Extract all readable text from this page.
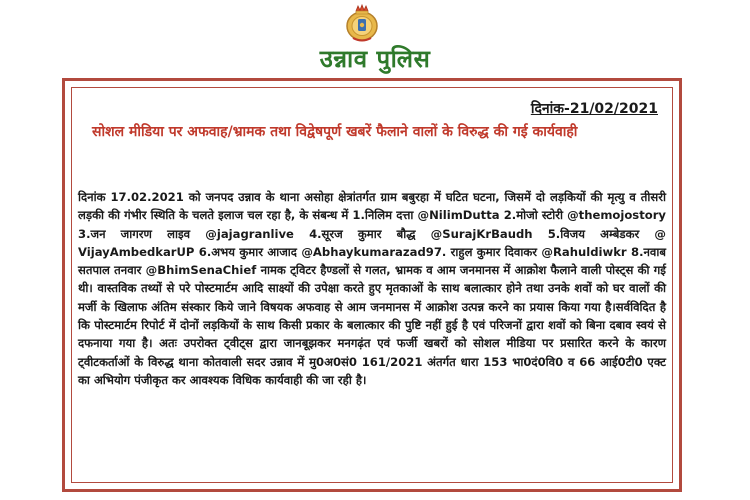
उन्नाव पुलिस
दिनांक-21/02/2021
सोशल मीडिया पर अफवाह/भ्रामक तथा विद्वेषपूर्ण खबरें फैलाने वालों के विरुद्ध की गई कार्यवाही
दिनांक 17.02.2021 को जनपद उन्नाव के थाना असोहा क्षेत्रांतर्गत ग्राम बबुरहा में घटित घटना, जिसमें दो लड़कियों की मृत्यु व तीसरी लड़की की गंभीर स्थिति के चलते इलाज चल रहा है, के संबन्ध में 1.निलिम दत्ता @NilimDutta 2.मोजो स्टोरी @themojostory 3.जन जागरण लाइव @jajagranlive 4.सूरज कुमार बौद्ध @SurajKrBaudh 5.विजय अम्बेडकर @ VijayAmbedkarUP 6.अभय कुमार आजाद @Abhaykumarazad97. राहुल कुमार दिवाकर @Rahuldiwkr 8.नवाब सतपाल तनवार @BhimSenaChief नामक ट्विटर हैण्डलों से गलत, भ्रामक व आम जनमानस में आक्रोश फैलाने वाली पोस्ट्स की गई थी। वास्तविक तथ्यों से परे पोस्टमार्टम आदि साक्ष्यों की उपेक्षा करते हुए मृतकाओं के साथ बलात्कार होने तथा उनके शवों को घर वालों की मर्जी के खिलाफ अंतिम संस्कार किये जाने विषयक अफवाह से आम जनमानस में आक्रोश उत्पन्न करने का प्रयास किया गया है।सर्वविदित है कि पोस्टमार्टम रिपोर्ट में दोनों लड़कियों के साथ किसी प्रकार के बलात्कार की पुष्टि नहीं हुई है एवं परिजनों द्वारा शवों को बिना दबाव स्वयं से दफनाया गया है। अतः उपरोक्त ट्वीट्स द्वारा जानबूझकर मनगढ़ंत एवं फर्जी खबरों को सोशल मीडिया पर प्रसारित करने के कारण ट्वीटकर्ताओं के विरुद्ध थाना कोतवाली सदर उन्नाव में मु0अ0सं0 161/2021 अंतर्गत धारा 153 भा0दं0वि0 व 66 आई0टी0 एक्ट का अभियोग पंजीकृत कर आवश्यक विधिक कार्यवाही की जा रही है।
